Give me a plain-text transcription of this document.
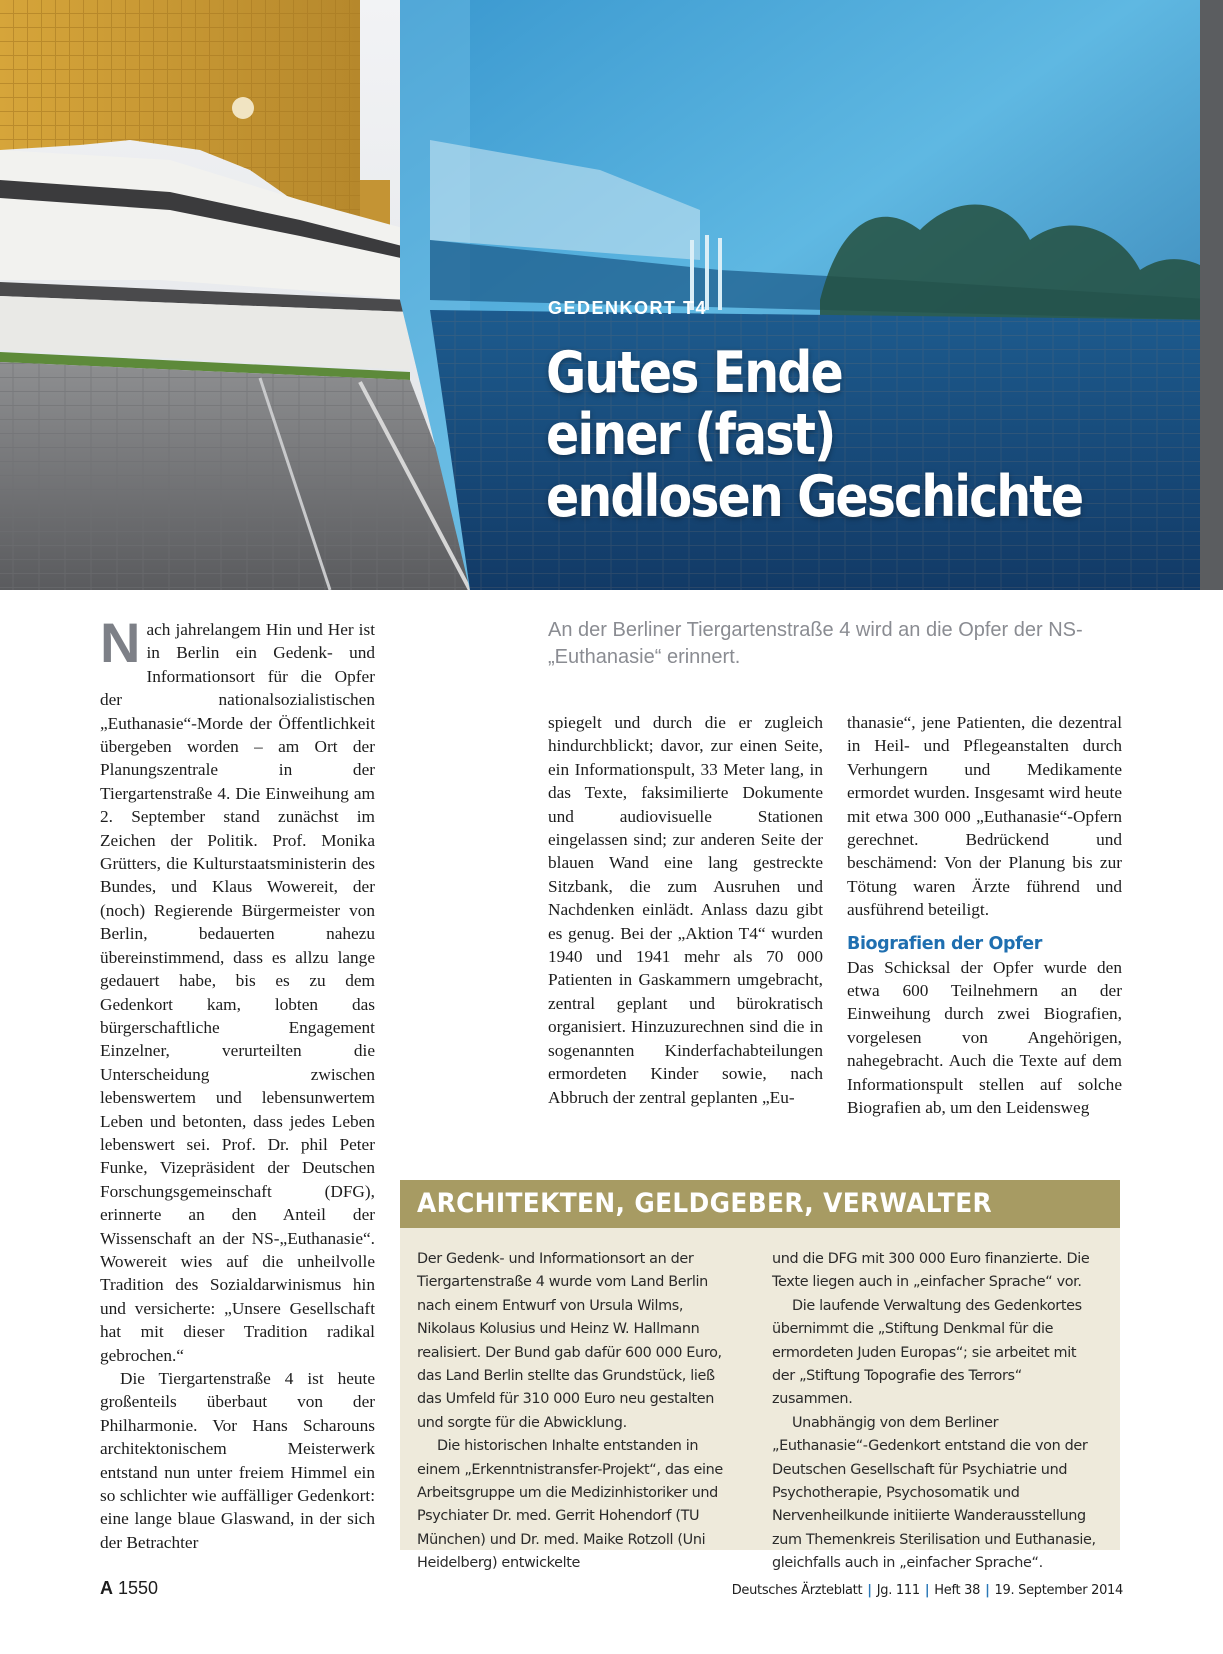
GEDENKORT T4
Gutes Ende
einer (fast)
endlosen Geschichte

An der Berliner Tiergartenstraße 4 wird an die Opfer der NS-„Euthanasie“ erinnert.

Nach jahrelangem Hin und Her ist in Berlin ein Gedenk- und Informationsort für die Opfer der nationalsozialistischen „Euthanasie“-Morde der Öffentlichkeit übergeben worden – am Ort der Planungszentrale in der Tiergartenstraße 4. Die Einweihung am 2. September stand zunächst im Zeichen der Politik. Prof. Monika Grütters, die Kulturstaatsministerin des Bundes, und Klaus Wowereit, der (noch) Regierende Bürgermeister von Berlin, bedauerten nahezu übereinstimmend, dass es allzu lange gedauert habe, bis es zu dem Gedenkort kam, lobten das bürgerschaftliche Engagement Einzelner, verurteilten die Unterscheidung zwischen lebenswertem und lebensunwertem Leben und betonten, dass jedes Leben lebenswert sei. Prof. Dr. phil Peter Funke, Vizepräsident der Deutschen Forschungsgemeinschaft (DFG), erinnerte an den Anteil der Wissenschaft an der NS-„Euthanasie“. Wowereit wies auf die unheilvolle Tradition des Sozialdarwinismus hin und versicherte: „Unsere Gesellschaft hat mit dieser Tradition radikal gebrochen.“

Die Tiergartenstraße 4 ist heute großenteils überbaut von der Philharmonie. Vor Hans Scharouns architektonischem Meisterwerk entstand nun unter freiem Himmel ein so schlichter wie auffälliger Gedenkort: eine lange blaue Glaswand, in der sich der Betrachter

spiegelt und durch die er zugleich hindurchblickt; davor, zur einen Seite, ein Informationspult, 33 Meter lang, in das Texte, faksimilierte Dokumente und audiovisuelle Stationen eingelassen sind; zur anderen Seite der blauen Wand eine lang gestreckte Sitzbank, die zum Ausruhen und Nachdenken einlädt. Anlass dazu gibt es genug. Bei der „Aktion T4“ wurden 1940 und 1941 mehr als 70 000 Patienten in Gaskammern umgebracht, zentral geplant und bürokratisch organisiert. Hinzuzurechnen sind die in sogenannten Kinderfachabteilungen ermordeten Kinder sowie, nach Abbruch der zentral geplanten „Eu-

thanasie“, jene Patienten, die dezentral in Heil- und Pflegeanstalten durch Verhungern und Medikamente ermordet wurden. Insgesamt wird heute mit etwa 300 000 „Euthanasie“-Opfern gerechnet. Bedrückend und beschämend: Von der Planung bis zur Tötung waren Ärzte führend und ausführend beteiligt.

Biografien der Opfer

Das Schicksal der Opfer wurde den etwa 600 Teilnehmern an der Einweihung durch zwei Biografien, vorgelesen von Angehörigen, nahegebracht. Auch die Texte auf dem Informationspult stellen auf solche Biografien ab, um den Leidensweg

ARCHITEKTEN, GELDGEBER, VERWALTER

Der Gedenk- und Informationsort an der Tiergartenstraße 4 wurde vom Land Berlin nach einem Entwurf von Ursula Wilms, Nikolaus Kolusius und Heinz W. Hallmann realisiert. Der Bund gab dafür 600 000 Euro, das Land Berlin stellte das Grundstück, ließ das Umfeld für 310 000 Euro neu gestalten und sorgte für die Abwicklung.

Die historischen Inhalte entstanden in einem „Erkenntnistransfer-Projekt“, das eine Arbeitsgruppe um die Medizinhistoriker und Psychiater Dr. med. Gerrit Hohendorf (TU München) und Dr. med. Maike Rotzoll (Uni Heidelberg) entwickelte

und die DFG mit 300 000 Euro finanzierte. Die Texte liegen auch in „einfacher Sprache“ vor.

Die laufende Verwaltung des Gedenkortes übernimmt die „Stiftung Denkmal für die ermordeten Juden Europas“; sie arbeitet mit der „Stiftung Topografie des Terrors“ zusammen.

Unabhängig von dem Berliner „Euthanasie“-Gedenkort entstand die von der Deutschen Gesellschaft für Psychiatrie und Psychotherapie, Psychosomatik und Nervenheilkunde initiierte Wanderausstellung zum Themenkreis Sterilisation und Euthanasie, gleichfalls auch in „einfacher Sprache“.

A 1550	Deutsches Ärzteblatt | Jg. 111 | Heft 38 | 19. September 2014
